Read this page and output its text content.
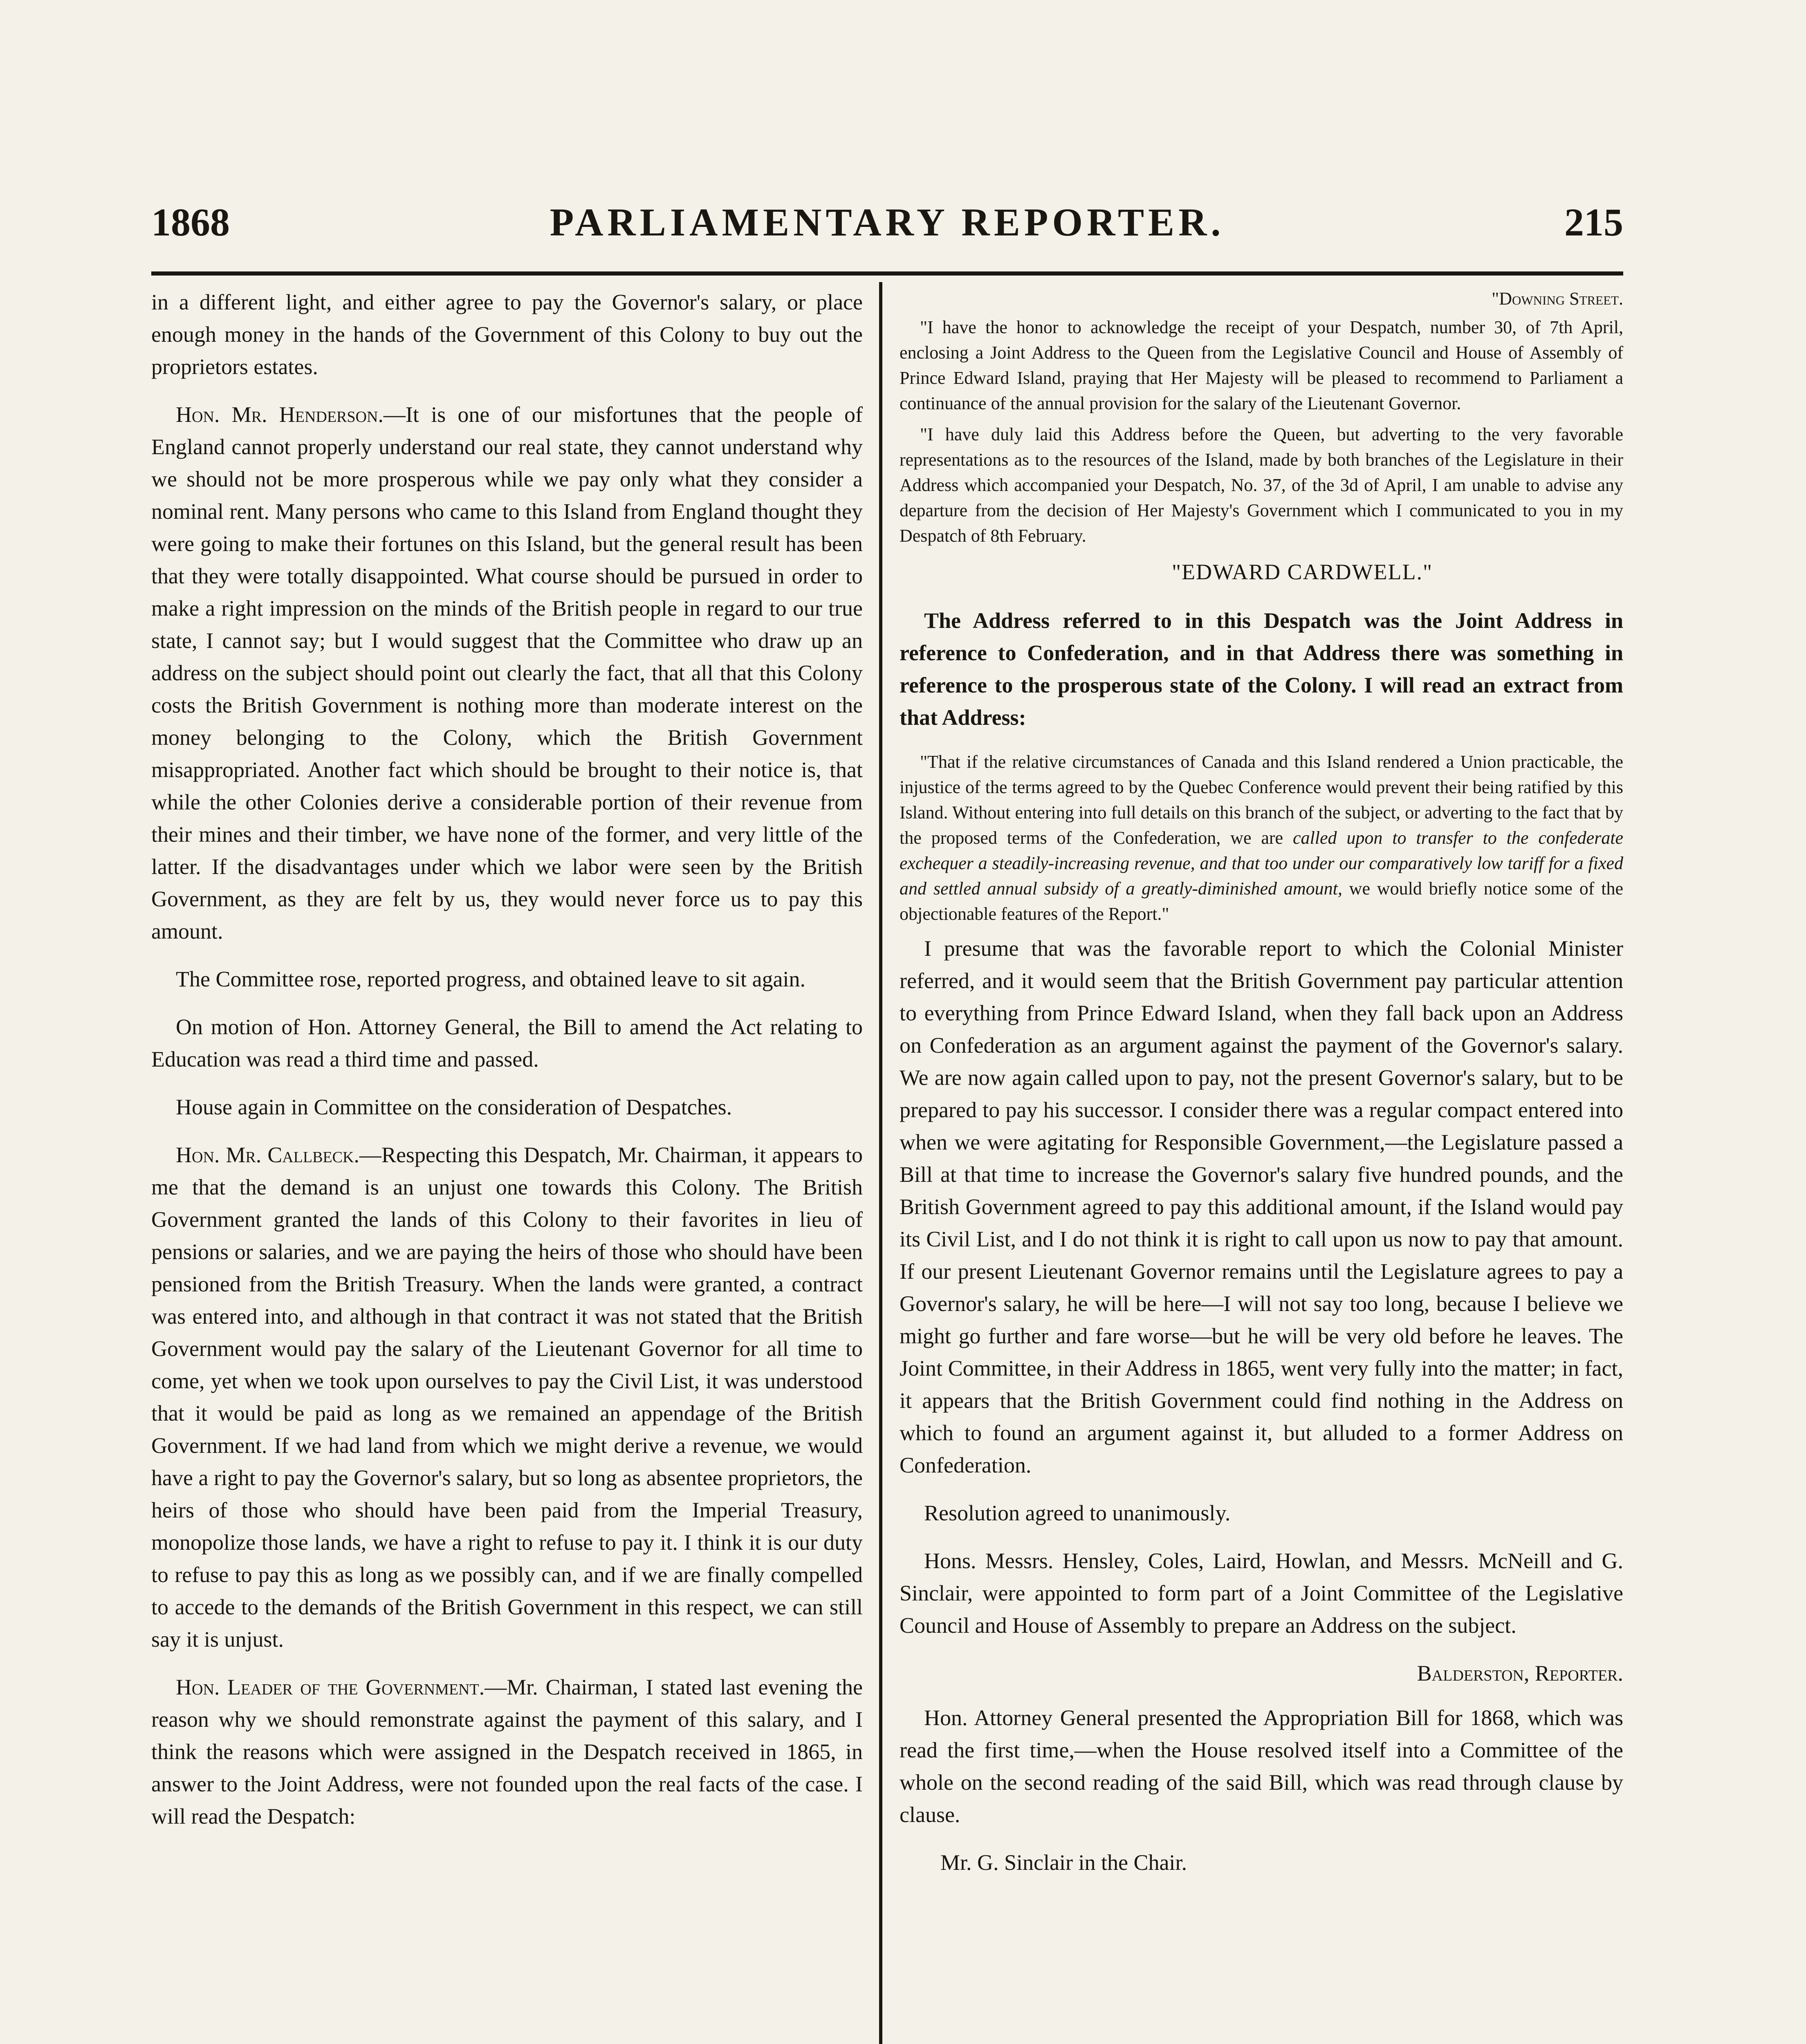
1868	PARLIAMENTARY REPORTER.	215

in a different light, and either agree to pay the Governor's salary, or place enough money in the hands of the Government of this Colony to buy out the proprietors estates.

Hon. Mr. Henderson.—It is one of our misfortunes that the people of England cannot properly understand our real state, they cannot understand why we should not be more prosperous while we pay only what they consider a nominal rent. Many persons who came to this Island from England thought they were going to make their fortunes on this Island, but the general result has been that they were totally disappointed. What course should be pursued in order to make a right impression on the minds of the British people in regard to our true state, I cannot say; but I would suggest that the Committee who draw up an address on the subject should point out clearly the fact, that all that this Colony costs the British Government is nothing more than moderate interest on the money belonging to the Colony, which the British Government misappropriated. Another fact which should be brought to their notice is, that while the other Colonies derive a considerable portion of their revenue from their mines and their timber, we have none of the former, and very little of the latter. If the disadvantages under which we labor were seen by the British Government, as they are felt by us, they would never force us to pay this amount.

The Committee rose, reported progress, and obtained leave to sit again.

On motion of Hon. Attorney General, the Bill to amend the Act relating to Education was read a third time and passed.

House again in Committee on the consideration of Despatches.

Hon. Mr. Callbeck.—Respecting this Despatch, Mr. Chairman, it appears to me that the demand is an unjust one towards this Colony. The British Government granted the lands of this Colony to their favorites in lieu of pensions or salaries, and we are paying the heirs of those who should have been pensioned from the British Treasury. When the lands were granted, a contract was entered into, and although in that contract it was not stated that the British Government would pay the salary of the Lieutenant Governor for all time to come, yet when we took upon ourselves to pay the Civil List, it was understood that it would be paid as long as we remained an appendage of the British Government. If we had land from which we might derive a revenue, we would have a right to pay the Governor's salary, but so long as absentee proprietors, the heirs of those who should have been paid from the Imperial Treasury, monopolize those lands, we have a right to refuse to pay it. I think it is our duty to refuse to pay this as long as we possibly can, and if we are finally compelled to accede to the demands of the British Government in this respect, we can still say it is unjust.

Hon. Leader of the Government.—Mr. Chairman, I stated last evening the reason why we should remonstrate against the payment of this salary, and I think the reasons which were assigned in the Despatch received in 1865, in answer to the Joint Address, were not founded upon the real facts of the case. I will read the Despatch:

"Downing Street.

"I have the honor to acknowledge the receipt of your Despatch, number 30, of 7th April, enclosing a Joint Address to the Queen from the Legislative Council and House of Assembly of Prince Edward Island, praying that Her Majesty will be pleased to recommend to Parliament a continuance of the annual provision for the salary of the Lieutenant Governor.

"I have duly laid this Address before the Queen, but adverting to the very favorable representations as to the resources of the Island, made by both branches of the Legislature in their Address which accompanied your Despatch, No. 37, of the 3d of April, I am unable to advise any departure from the decision of Her Majesty's Government which I communicated to you in my Despatch of 8th February.

"EDWARD CARDWELL."

The Address referred to in this Despatch was the Joint Address in reference to Confederation, and in that Address there was something in reference to the prosperous state of the Colony. I will read an extract from that Address:

"That if the relative circumstances of Canada and this Island rendered a Union practicable, the injustice of the terms agreed to by the Quebec Conference would prevent their being ratified by this Island. Without entering into full details on this branch of the subject, or adverting to the fact that by the proposed terms of the Confederation, we are called upon to transfer to the confederate exchequer a steadily-increasing revenue, and that too under our comparatively low tariff for a fixed and settled annual subsidy of a greatly-diminished amount, we would briefly notice some of the objectionable features of the Report."

I presume that was the favorable report to which the Colonial Minister referred, and it would seem that the British Government pay particular attention to everything from Prince Edward Island, when they fall back upon an Address on Confederation as an argument against the payment of the Governor's salary. We are now again called upon to pay, not the present Governor's salary, but to be prepared to pay his successor. I consider there was a regular compact entered into when we were agitating for Responsible Government,—the Legislature passed a Bill at that time to increase the Governor's salary five hundred pounds, and the British Government agreed to pay this additional amount, if the Island would pay its Civil List, and I do not think it is right to call upon us now to pay that amount. If our present Lieutenant Governor remains until the Legislature agrees to pay a Governor's salary, he will be here—I will not say too long, because I believe we might go further and fare worse—but he will be very old before he leaves. The Joint Committee, in their Address in 1865, went very fully into the matter; in fact, it appears that the British Government could find nothing in the Address on which to found an argument against it, but alluded to a former Address on Confederation.

Resolution agreed to unanimously.

Hons. Messrs. Hensley, Coles, Laird, Howlan, and Messrs. McNeill and G. Sinclair, were appointed to form part of a Joint Committee of the Legislative Council and House of Assembly to prepare an Address on the subject.

Balderston, Reporter.

Hon. Attorney General presented the Appropriation Bill for 1868, which was read the first time,—when the House resolved itself into a Committee of the whole on the second reading of the said Bill, which was read through clause by clause.

Mr. G. Sinclair in the Chair.
